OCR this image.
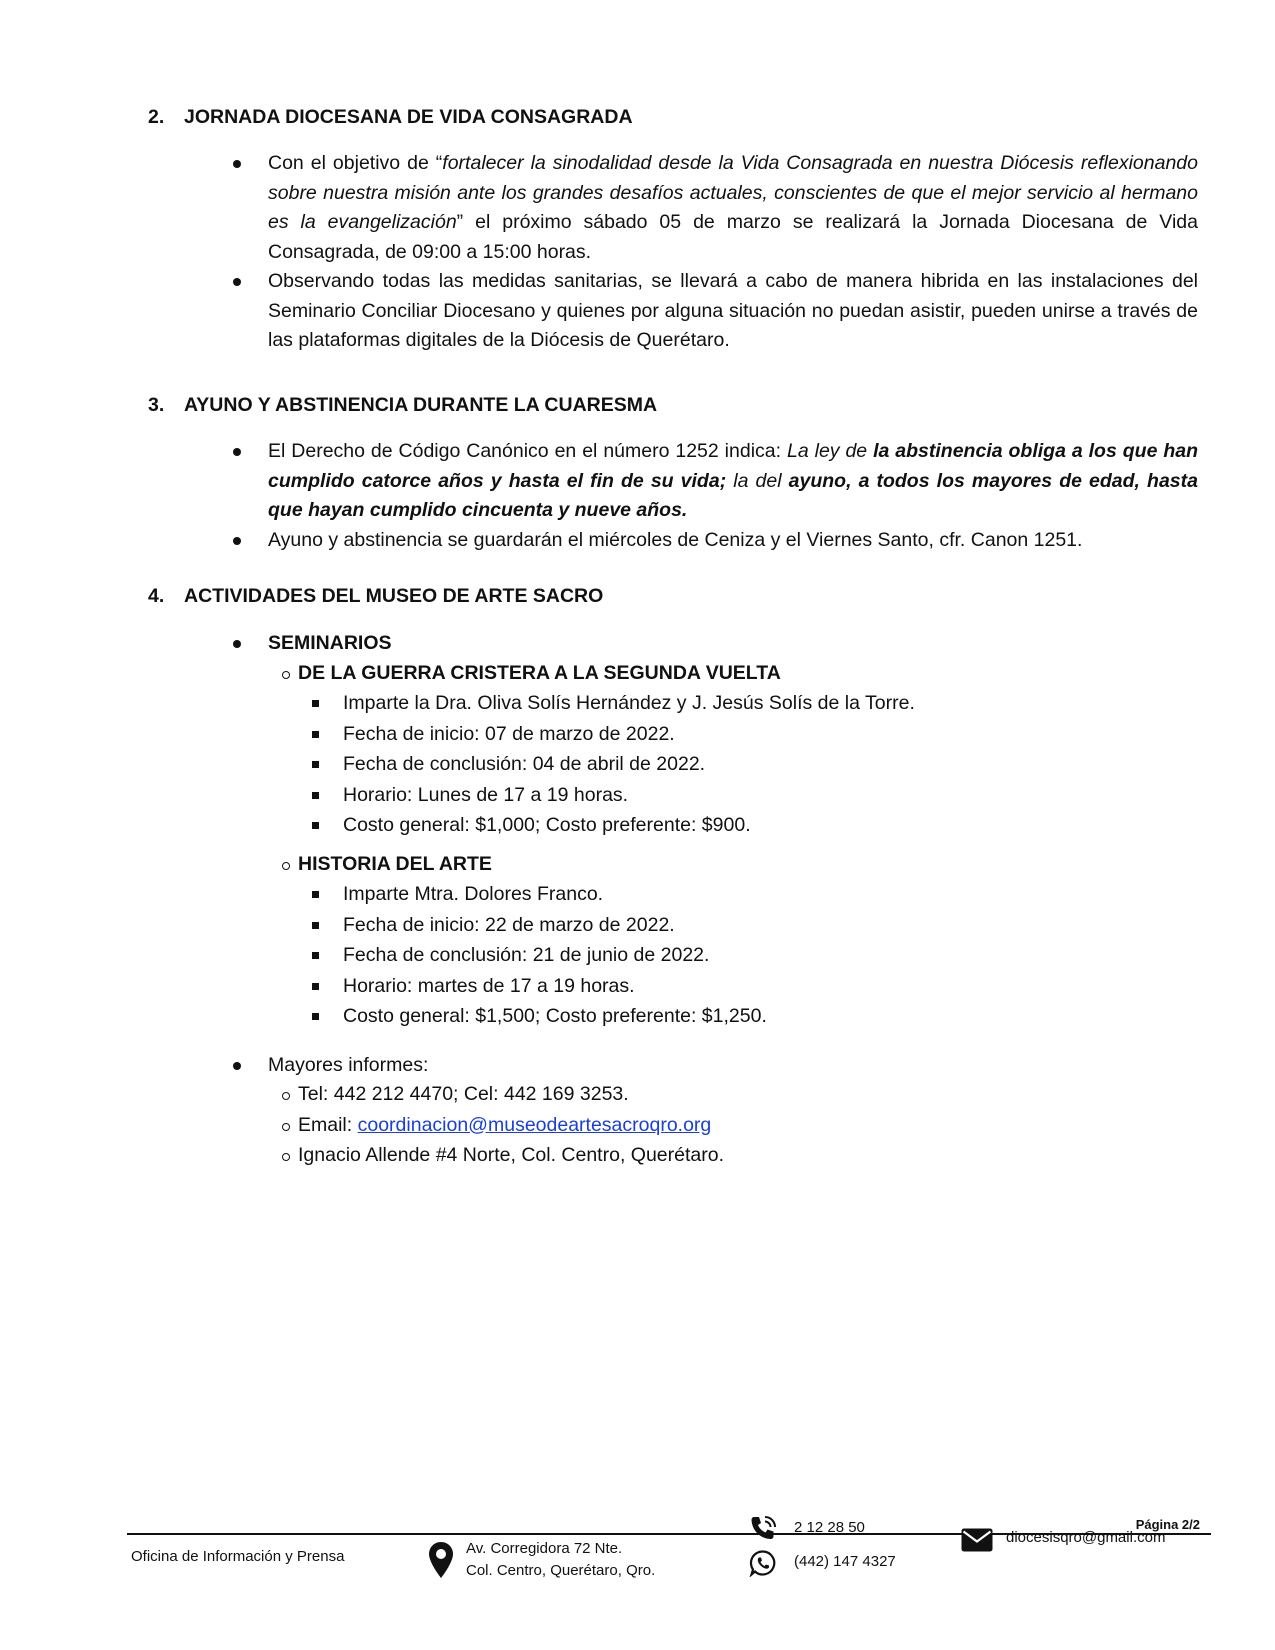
2. JORNADA DIOCESANA DE VIDA CONSAGRADA

Con el objetivo de “fortalecer la sinodalidad desde la Vida Consagrada en nuestra Diócesis reflexionando sobre nuestra misión ante los grandes desafíos actuales, conscientes de que el mejor servicio al hermano es la evangelización” el próximo sábado 05 de marzo se realizará la Jornada Diocesana de Vida Consagrada, de 09:00 a 15:00 horas.

Observando todas las medidas sanitarias, se llevará a cabo de manera hibrida en las instalaciones del Seminario Conciliar Diocesano y quienes por alguna situación no puedan asistir, pueden unirse a través de las plataformas digitales de la Diócesis de Querétaro.

3. AYUNO Y ABSTINENCIA DURANTE LA CUARESMA

El Derecho de Código Canónico en el número 1252 indica: La ley de la abstinencia obliga a los que han cumplido catorce años y hasta el fin de su vida; la del ayuno, a todos los mayores de edad, hasta que hayan cumplido cincuenta y nueve años.

Ayuno y abstinencia se guardarán el miércoles de Ceniza y el Viernes Santo, cfr. Canon 1251.

4. ACTIVIDADES DEL MUSEO DE ARTE SACRO

SEMINARIOS

DE LA GUERRA CRISTERA A LA SEGUNDA VUELTA
Imparte la Dra. Oliva Solís Hernández y J. Jesús Solís de la Torre.
Fecha de inicio: 07 de marzo de 2022.
Fecha de conclusión: 04 de abril de 2022.
Horario: Lunes de 17 a 19 horas.
Costo general: $1,000; Costo preferente: $900.
HISTORIA DEL ARTE
Imparte Mtra. Dolores Franco.
Fecha de inicio: 22 de marzo de 2022.
Fecha de conclusión: 21 de junio de 2022.
Horario: martes de 17 a 19 horas.
Costo general: $1,500; Costo preferente: $1,250.

Mayores informes:

Tel: 442 212 4470; Cel: 442 169 3253.
Email: coordinacion@museodeartesacroqro.org
Ignacio Allende #4 Norte, Col. Centro, Querétaro.
Página 2/2
Oficina de Información y Prensa	Av. Corregidora 72 Nte.
Col. Centro, Querétaro, Qro.
2 12 28 50
(442) 147 4327
diocesisqro@gmail.com
